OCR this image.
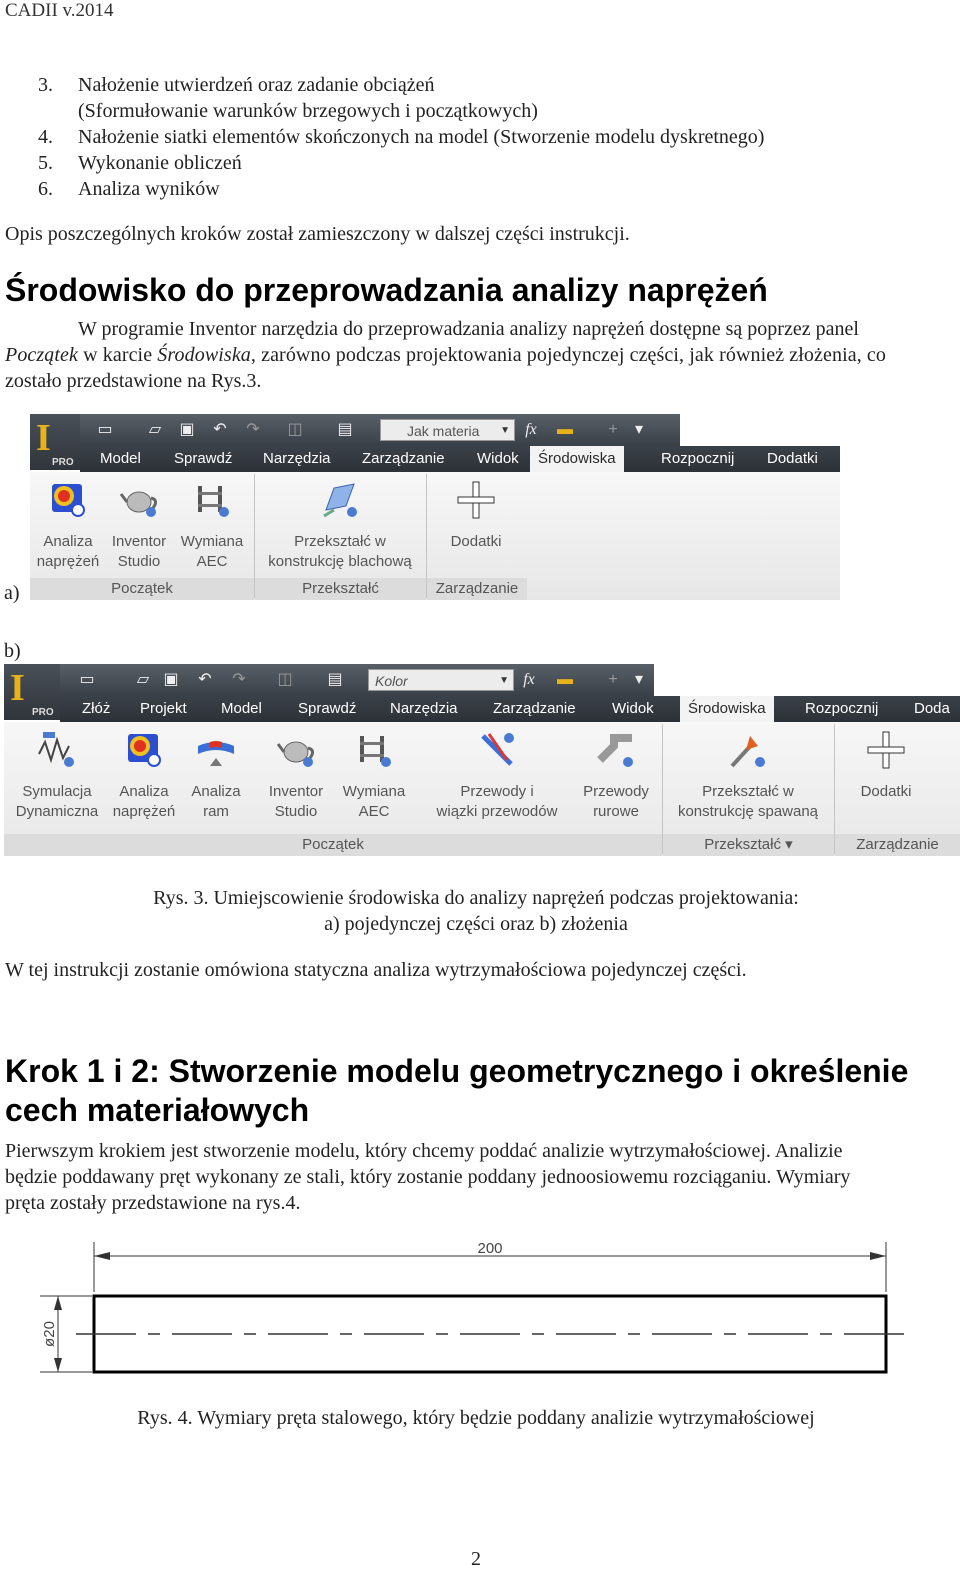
CADII v.2014
3.	Nałożenie utwierdzeń oraz zadanie obciążeń
(Sformułowanie warunków brzegowych i początkowych)
4.	Nałożenie siatki elementów skończonych na model (Stworzenie modelu dyskretnego)
5.	Wykonanie obliczeń
6.	Analiza wyników
Opis poszczególnych kroków został zamieszczony w dalszej części instrukcji.
Środowisko do przeprowadzania analizy naprężeń
W programie Inventor narzędzia do przeprowadzania analizy naprężeń dostępne są poprzez panel
Początek w karcie Środowiska, zarówno podczas projektowania pojedynczej części, jak również złożenia, co
zostało przedstawione na Rys.3.
a)
I
PRO
▭ ▱ ▣ ↶ ↷ ◫ ▤	Jak materia ▼ fx ▬ +	▾
Model	Sprawdź	Narzędzia	Zarządzanie	Widok	Środowiska	Rozpocznij	Dodatki
Analiza
naprężeń
Inventor
Studio
Wymiana
AEC
Przekształć w
konstrukcję blachową
Dodatki
Początek	Przekształć	Zarządzanie
b)
I
PRO
▭	▱ ▣ ↶ ↷ ◫ ▤	Kolor	▼ fx ▬ +	▾
Złóż	Projekt	Model	Sprawdź	Narzędzia	Zarządzanie	Widok	Środowiska	Rozpocznij	Doda
Symulacja
Dynamiczna
Analiza
naprężeń
Analiza
ram
Inventor
Studio
Wymiana
AEC
Przewody i
wiązki przewodów
Przewody
rurowe
Przekształć w
konstrukcję spawaną
Dodatki
Początek	Przekształć ▾	Zarządzanie
Rys. 3. Umiejscowienie środowiska do analizy naprężeń podczas projektowania:
a) pojedynczej części oraz b) złożenia
W tej instrukcji zostanie omówiona statyczna analiza wytrzymałościowa pojedynczej części.
Krok 1 i 2: Stworzenie modelu geometrycznego i określenie
cech materiałowych
Pierwszym krokiem jest stworzenie modelu, który chcemy poddać analizie wytrzymałościowej. Analizie
będzie poddawany pręt wykonany ze stali, który zostanie poddany jednoosiowemu rozciąganiu. Wymiary
pręta zostały przedstawione na rys.4.
200
ø20
Rys. 4. Wymiary pręta stalowego, który będzie poddany analizie wytrzymałościowej
2
